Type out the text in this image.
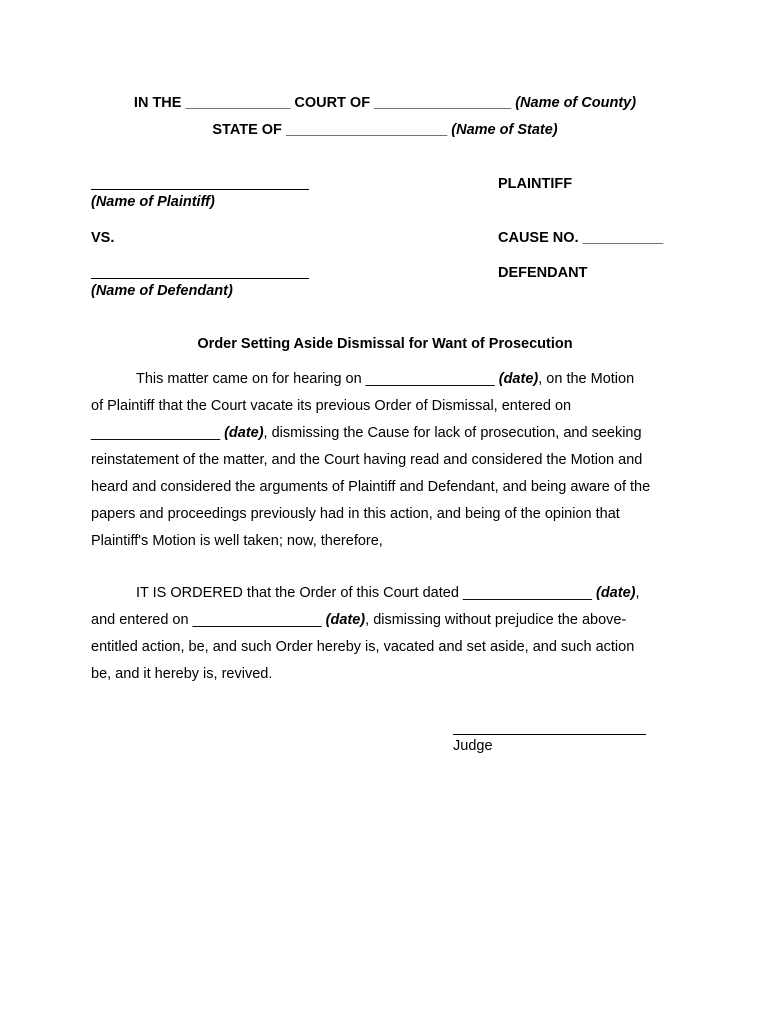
IN THE _____________ COURT OF _________________ (Name of County)
STATE OF ____________________ (Name of State)
(Name of Plaintiff)
PLAINTIFF
VS.	CAUSE NO. __________
(Name of Defendant)
DEFENDANT
Order Setting Aside Dismissal for Want of Prosecution
This matter came on for hearing on ________________ (date), on the Motion
of Plaintiff that the Court vacate its previous Order of Dismissal, entered on
________________ (date), dismissing the Cause for lack of prosecution, and seeking
reinstatement of the matter, and the Court having read and considered the Motion and
heard and considered the arguments of Plaintiff and Defendant, and being aware of the
papers and proceedings previously had in this action, and being of the opinion that
Plaintiff's Motion is well taken; now, therefore,
IT IS ORDERED that the Order of this Court dated ________________ (date),
and entered on ________________ (date), dismissing without prejudice the above-
entitled action, be, and such Order hereby is, vacated and set aside, and such action
be, and it hereby is, revived.
Judge
